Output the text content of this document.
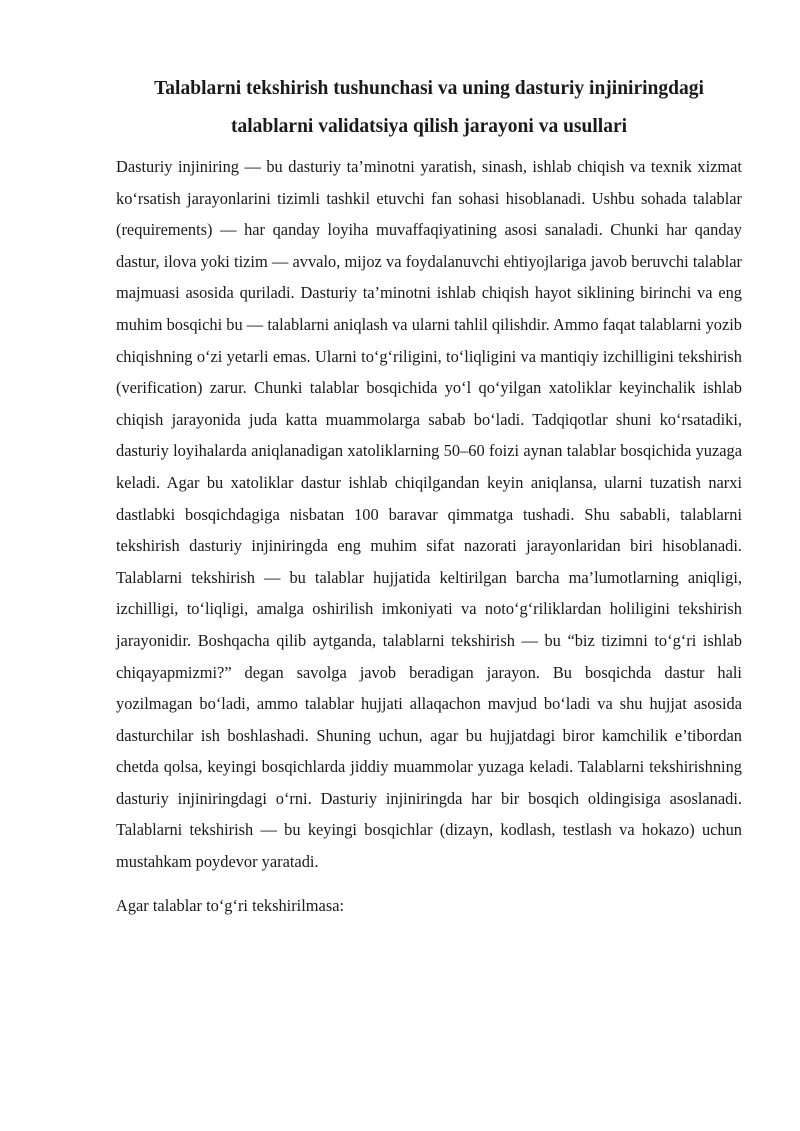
Talablarni tekshirish tushunchasi va uning dasturiy injiniringdagi
talablarni validatsiya qilish jarayoni va usullari

Dasturiy injiniring — bu dasturiy ta’minotni yaratish, sinash, ishlab chiqish va texnik xizmat ko‘rsatish jarayonlarini tizimli tashkil etuvchi fan sohasi hisoblanadi. Ushbu sohada talablar (requirements) — har qanday loyiha muvaffaqiyatining asosi sanaladi. Chunki har qanday dastur, ilova yoki tizim — avvalo, mijoz va foydalanuvchi ehtiyojlariga javob beruvchi talablar majmuasi asosida quriladi. Dasturiy ta’minotni ishlab chiqish hayot siklining birinchi va eng muhim bosqichi bu — talablarni aniqlash va ularni tahlil qilishdir. Ammo faqat talablarni yozib chiqishning o‘zi yetarli emas. Ularni to‘g‘riligini, to‘liqligini va mantiqiy izchilligini tekshirish (verification) zarur. Chunki talablar bosqichida yo‘l qo‘yilgan xatoliklar keyinchalik ishlab chiqish jarayonida juda katta muammolarga sabab bo‘ladi. Tadqiqotlar shuni ko‘rsatadiki, dasturiy loyihalarda aniqlanadigan xatoliklarning 50–60 foizi aynan talablar bosqichida yuzaga keladi. Agar bu xatoliklar dastur ishlab chiqilgandan keyin aniqlansa, ularni tuzatish narxi dastlabki bosqichdagiga nisbatan 100 baravar qimmatga tushadi. Shu sababli, talablarni tekshirish dasturiy injiniringda eng muhim sifat nazorati jarayonlaridan biri hisoblanadi. Talablarni tekshirish — bu talablar hujjatida keltirilgan barcha ma’lumotlarning aniqligi, izchilligi, to‘liqligi, amalga oshirilish imkoniyati va noto‘g‘riliklardan holiligini tekshirish jarayonidir. Boshqacha qilib aytganda, talablarni tekshirish — bu “biz tizimni to‘g‘ri ishlab chiqayapmizmi?” degan savolga javob beradigan jarayon. Bu bosqichda dastur hali yozilmagan bo‘ladi, ammo talablar hujjati allaqachon mavjud bo‘ladi va shu hujjat asosida dasturchilar ish boshlashadi. Shuning uchun, agar bu hujjatdagi biror kamchilik e’tibordan chetda qolsa, keyingi bosqichlarda jiddiy muammolar yuzaga keladi. Talablarni tekshirishning dasturiy injiniringdagi o‘rni. Dasturiy injiniringda har bir bosqich oldingisiga asoslanadi. Talablarni tekshirish — bu keyingi bosqichlar (dizayn, kodlash, testlash va hokazo) uchun mustahkam poydevor yaratadi.

Agar talablar to‘g‘ri tekshirilmasa:
